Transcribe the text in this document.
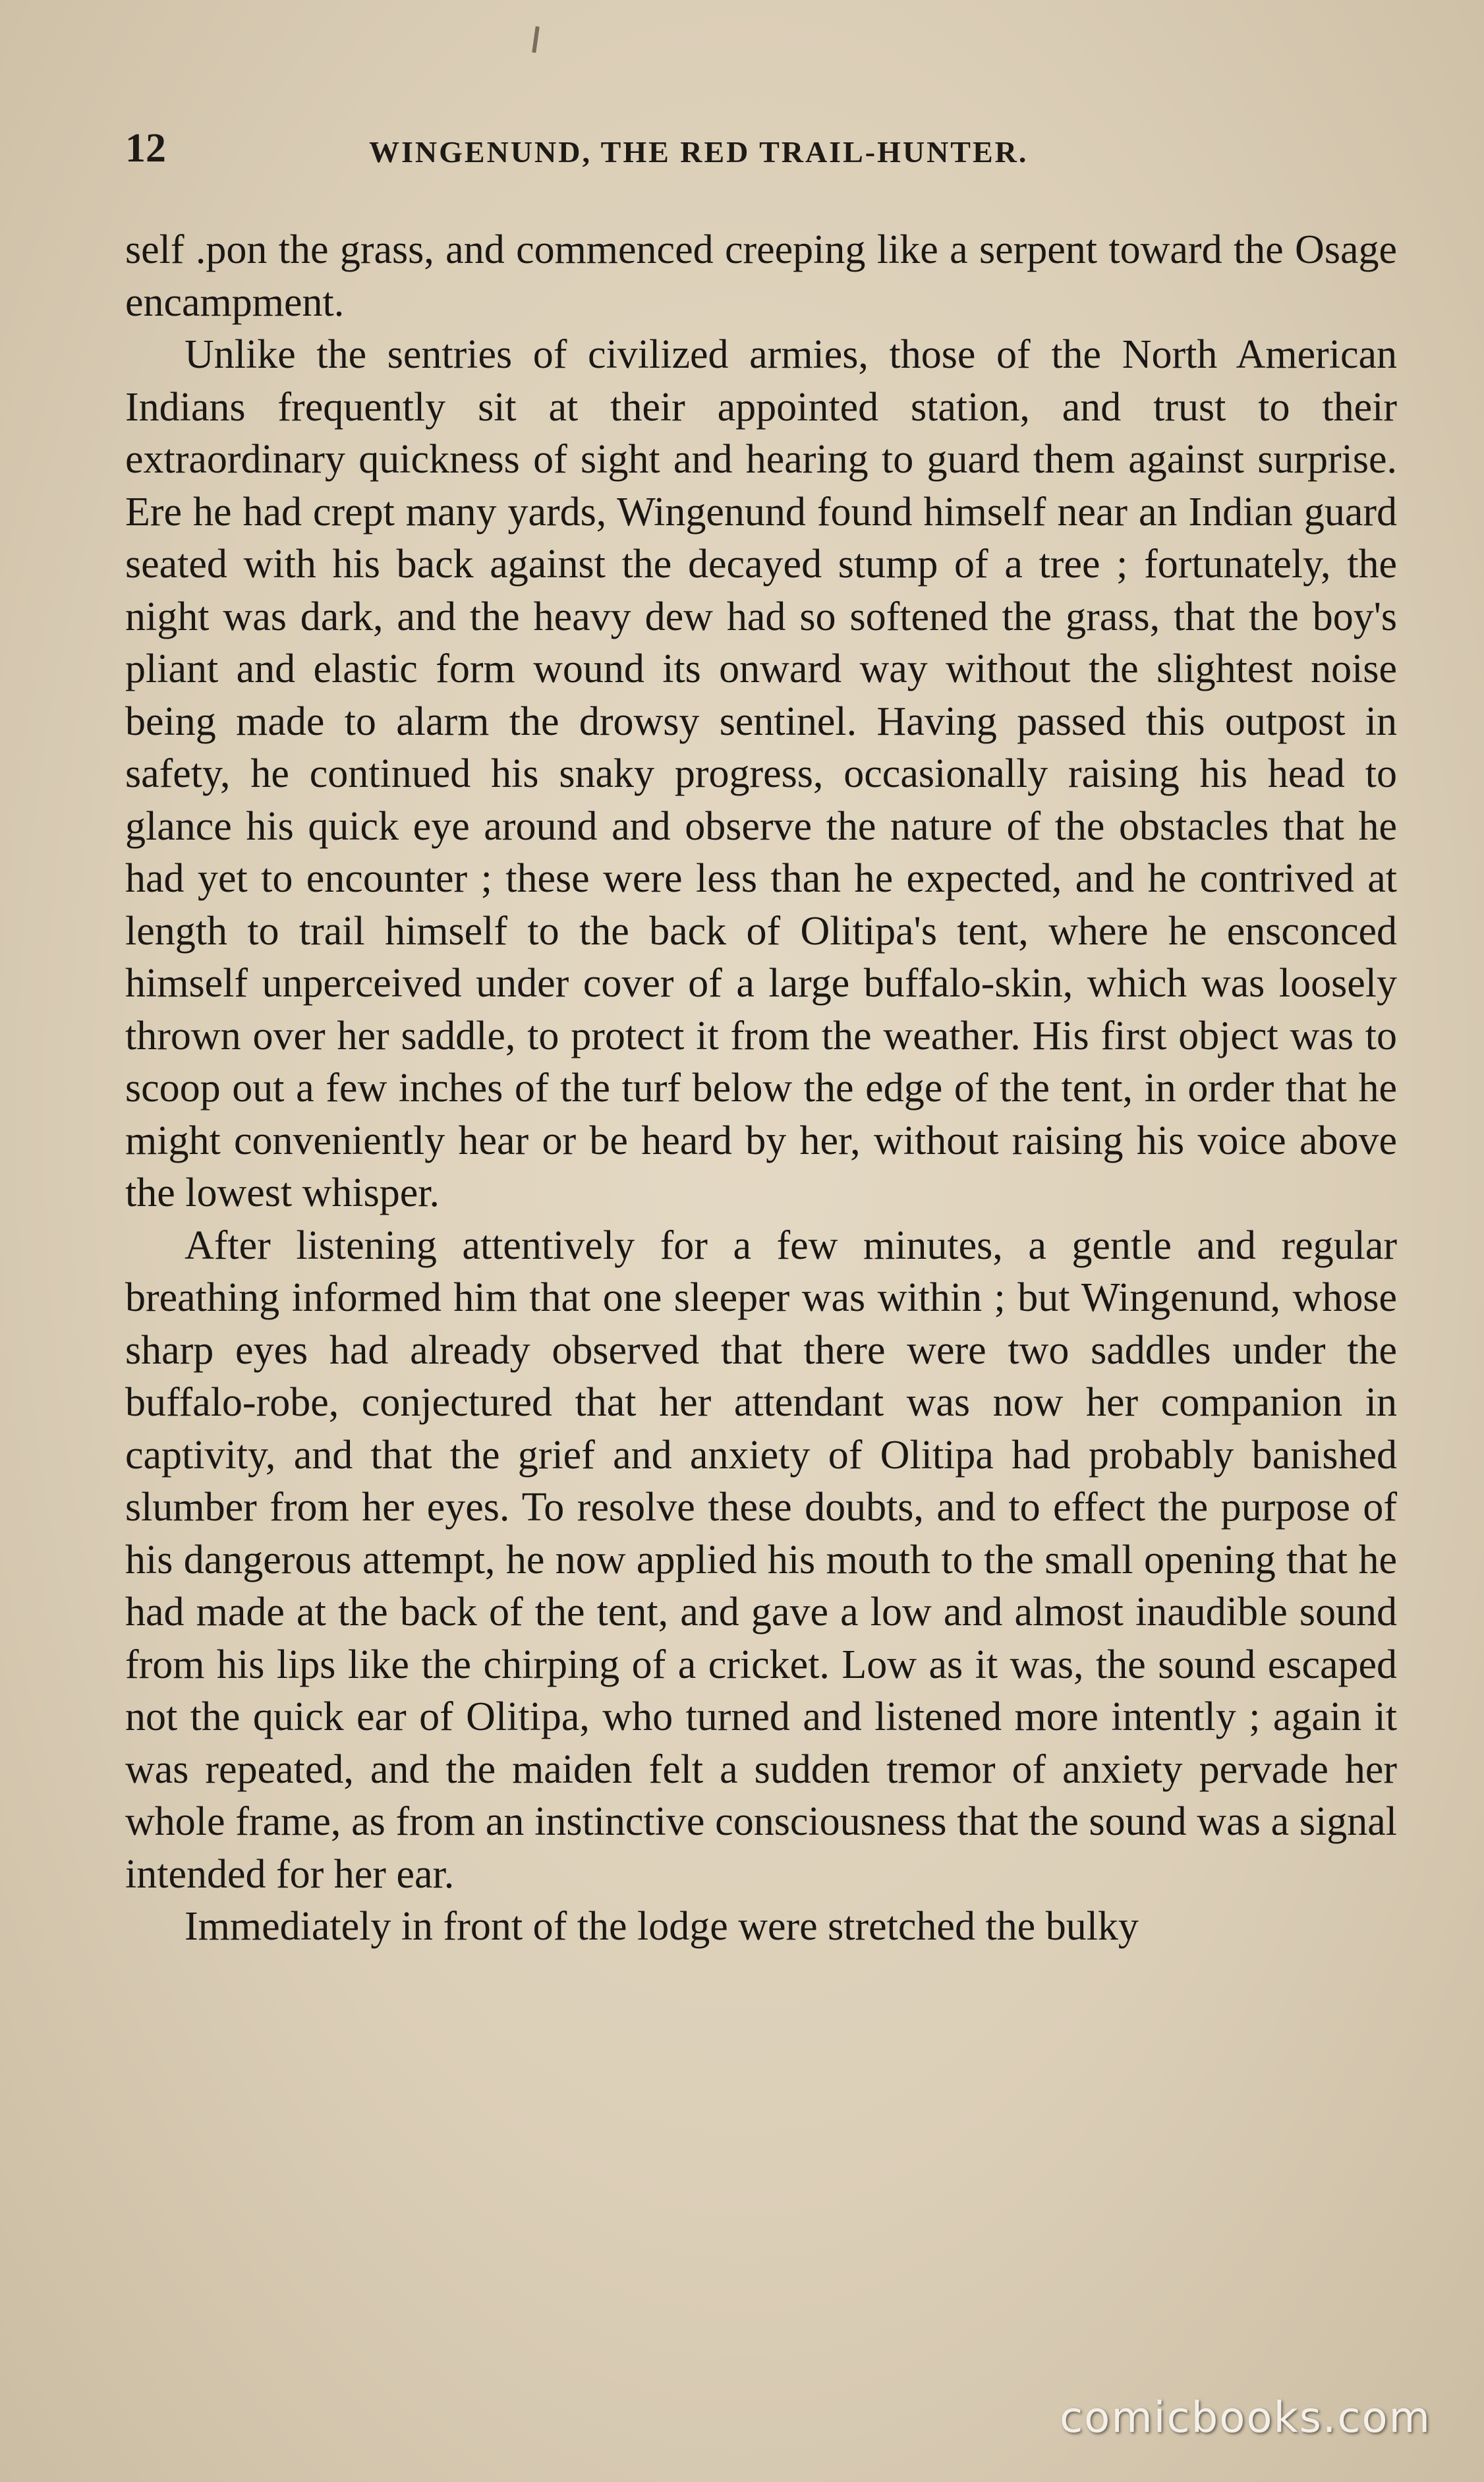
12	WINGENUND, THE RED TRAIL-HUNTER.

self .pon the grass, and commenced creeping like a serpent toward the Osage encampment.

Unlike the sentries of civilized armies, those of the North American Indians frequently sit at their appointed station, and trust to their extraordinary quickness of sight and hearing to guard them against surprise. Ere he had crept many yards, Wingenund found himself near an Indian guard seated with his back against the decayed stump of a tree ; fortunately, the night was dark, and the heavy dew had so softened the grass, that the boy's pliant and elastic form wound its onward way without the slightest noise being made to alarm the drowsy sentinel. Having passed this outpost in safety, he continued his snaky progress, occasionally raising his head to glance his quick eye around and observe the nature of the obstacles that he had yet to encounter ; these were less than he expected, and he contrived at length to trail himself to the back of Olitipa's tent, where he ensconced himself unperceived under cover of a large buffalo-skin, which was loosely thrown over her saddle, to protect it from the weather. His first object was to scoop out a few inches of the turf below the edge of the tent, in order that he might conveniently hear or be heard by her, without raising his voice above the lowest whisper.

After listening attentively for a few minutes, a gentle and regular breathing informed him that one sleeper was within ; but Wingenund, whose sharp eyes had already observed that there were two saddles under the buffalo-robe, conjectured that her attendant was now her companion in captivity, and that the grief and anxiety of Olitipa had probably banished slumber from her eyes. To resolve these doubts, and to effect the purpose of his dangerous attempt, he now applied his mouth to the small opening that he had made at the back of the tent, and gave a low and almost inaudible sound from his lips like the chirping of a cricket. Low as it was, the sound escaped not the quick ear of Olitipa, who turned and listened more intently ; again it was repeated, and the maiden felt a sudden tremor of anxiety pervade her whole frame, as from an instinctive consciousness that the sound was a signal intended for her ear.

Immediately in front of the lodge were stretched the bulky

comicbooks.com
